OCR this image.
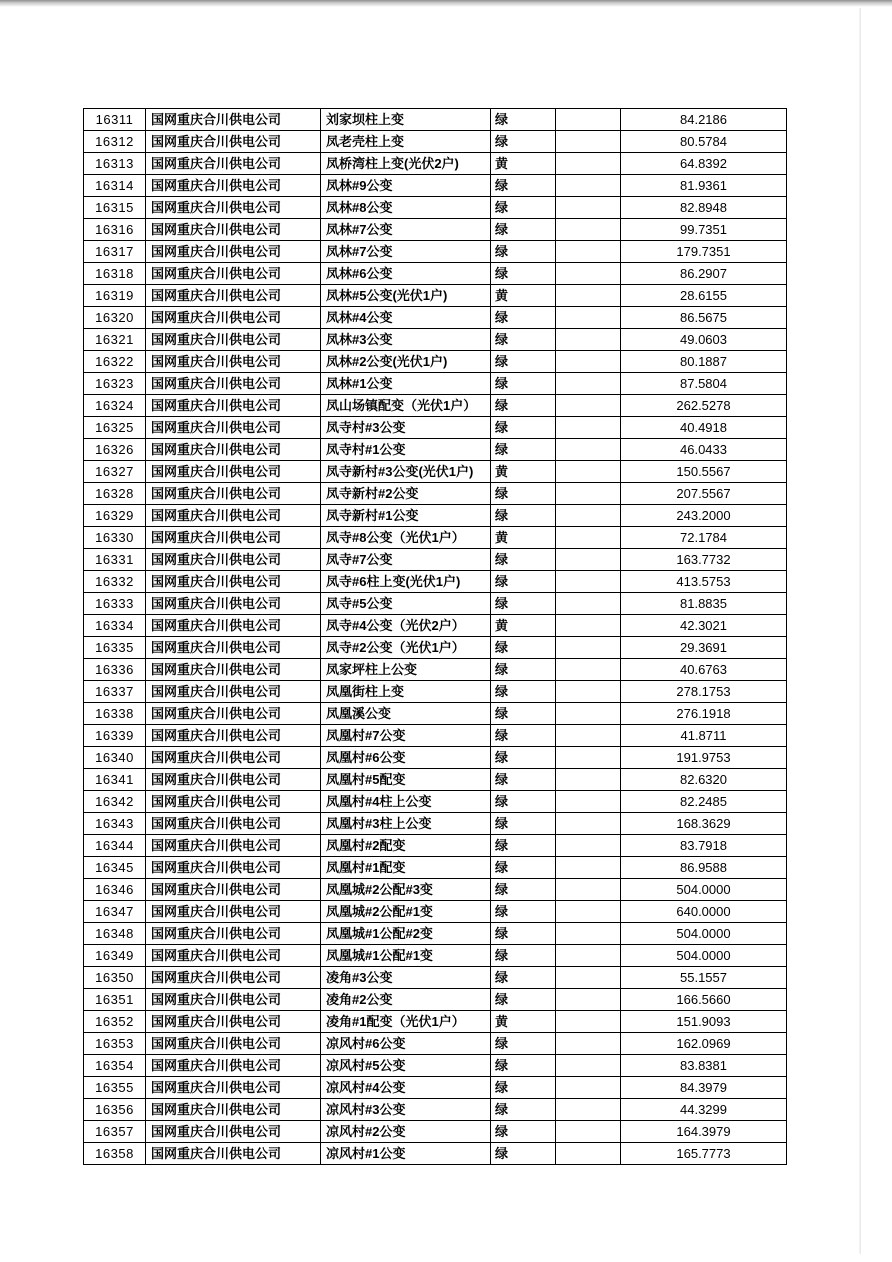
16311	国网重庆合川供电公司	刘家坝柱上变	绿		84.2186
16312	国网重庆合川供电公司	凤老壳柱上变	绿		80.5784
16313	国网重庆合川供电公司	凤桥湾柱上变(光伏2户)	黄		64.8392
16314	国网重庆合川供电公司	凤林#9公变	绿		81.9361
16315	国网重庆合川供电公司	凤林#8公变	绿		82.8948
16316	国网重庆合川供电公司	凤林#7公变	绿		99.7351
16317	国网重庆合川供电公司	凤林#7公变	绿		179.7351
16318	国网重庆合川供电公司	凤林#6公变	绿		86.2907
16319	国网重庆合川供电公司	凤林#5公变(光伏1户)	黄		28.6155
16320	国网重庆合川供电公司	凤林#4公变	绿		86.5675
16321	国网重庆合川供电公司	凤林#3公变	绿		49.0603
16322	国网重庆合川供电公司	凤林#2公变(光伏1户)	绿		80.1887
16323	国网重庆合川供电公司	凤林#1公变	绿		87.5804
16324	国网重庆合川供电公司	凤山场镇配变（光伏1户）	绿		262.5278
16325	国网重庆合川供电公司	凤寺村#3公变	绿		40.4918
16326	国网重庆合川供电公司	凤寺村#1公变	绿		46.0433
16327	国网重庆合川供电公司	凤寺新村#3公变(光伏1户)	黄		150.5567
16328	国网重庆合川供电公司	凤寺新村#2公变	绿		207.5567
16329	国网重庆合川供电公司	凤寺新村#1公变	绿		243.2000
16330	国网重庆合川供电公司	凤寺#8公变（光伏1户）	黄		72.1784
16331	国网重庆合川供电公司	凤寺#7公变	绿		163.7732
16332	国网重庆合川供电公司	凤寺#6柱上变(光伏1户)	绿		413.5753
16333	国网重庆合川供电公司	凤寺#5公变	绿		81.8835
16334	国网重庆合川供电公司	凤寺#4公变（光伏2户）	黄		42.3021
16335	国网重庆合川供电公司	凤寺#2公变（光伏1户）	绿		29.3691
16336	国网重庆合川供电公司	凤家坪柱上公变	绿		40.6763
16337	国网重庆合川供电公司	凤凰街柱上变	绿		278.1753
16338	国网重庆合川供电公司	凤凰溪公变	绿		276.1918
16339	国网重庆合川供电公司	凤凰村#7公变	绿		41.8711
16340	国网重庆合川供电公司	凤凰村#6公变	绿		191.9753
16341	国网重庆合川供电公司	凤凰村#5配变	绿		82.6320
16342	国网重庆合川供电公司	凤凰村#4柱上公变	绿		82.2485
16343	国网重庆合川供电公司	凤凰村#3柱上公变	绿		168.3629
16344	国网重庆合川供电公司	凤凰村#2配变	绿		83.7918
16345	国网重庆合川供电公司	凤凰村#1配变	绿		86.9588
16346	国网重庆合川供电公司	凤凰城#2公配#3变	绿		504.0000
16347	国网重庆合川供电公司	凤凰城#2公配#1变	绿		640.0000
16348	国网重庆合川供电公司	凤凰城#1公配#2变	绿		504.0000
16349	国网重庆合川供电公司	凤凰城#1公配#1变	绿		504.0000
16350	国网重庆合川供电公司	凌角#3公变	绿		55.1557
16351	国网重庆合川供电公司	凌角#2公变	绿		166.5660
16352	国网重庆合川供电公司	凌角#1配变（光伏1户）	黄		151.9093
16353	国网重庆合川供电公司	凉风村#6公变	绿		162.0969
16354	国网重庆合川供电公司	凉风村#5公变	绿		83.8381
16355	国网重庆合川供电公司	凉风村#4公变	绿		84.3979
16356	国网重庆合川供电公司	凉风村#3公变	绿		44.3299
16357	国网重庆合川供电公司	凉风村#2公变	绿		164.3979
16358	国网重庆合川供电公司	凉风村#1公变	绿		165.7773
